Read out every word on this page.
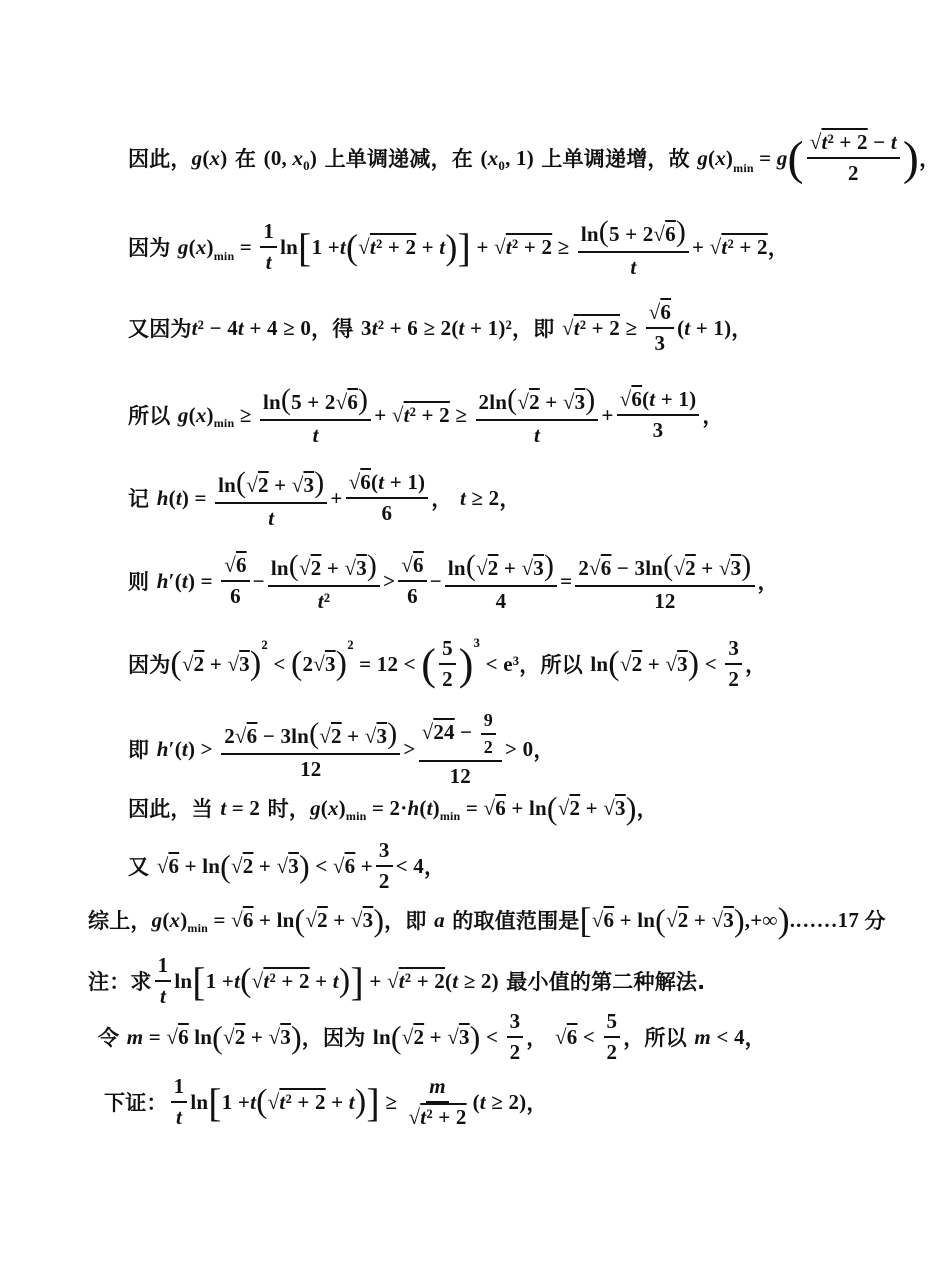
因此， g ( x ) 在 (0, x 0 ) 上单调递减，在 ( x 0 , 1) 上单调递增，故 g ( x ) min = g ( $\frac{\text{√t² + 2 − t}}{2}$ ) ，
因为 g ( x ) $\min = \frac{1}{t}$ ln [ 1 + t ( √t² + 2 + t ) ] + $√t^2 + 2 \ge \frac{\ln(5 + 2√6)}{t} + √t^2 + 2$ ，
又因为 t ² − 4 t + 4 ≥ 0 ，得 3 t ² + 6 ≥ 2( t + 1)² ，即 $√t^2 + 2 \ge \frac{√6}{3}$ ( t + 1) ，
所以 g ( x ) $\min \ge \frac{\ln(5 + 2√6)}{t} + √t^2 + 2 \ge \frac{2\ln(√2 + √3)}{t} + \frac{√6(t + 1)}{3}$ ，
记 h ( t ) = $\frac{\ln(√2 + √3)}{t} + \frac{√6(t + 1)}{6}$ ， t ≥ 2 ，
则 h ′( t ) = $\frac{√6}{6} - \frac{\ln(√2 + √3)}{\text{t²}} > \frac{√6}{6} - \frac{\ln(√2 + √3)}{4} = \frac{2√6 - 3\ln(√2 + √3)}{12}$ ，
因为 ( √2 + √3 ) ²
< ( 2√3 ) ²
= 12 < ( $\frac{5}{2}$ ) ³
< e³ ，所以 ln ( √2 + √3 ) < $\frac{3}{2}$ ，
即 h ′( t ) > $\frac{2√6 - 3\ln(√2 + √3)}{12} > \frac{√24 - \frac{9}{2}}{12} > 0$ ，
因此，当 t = 2 时， g ( x ) min = 2· h ( t ) min = √6 + ln ( √2 + √3 ) ，
又 √6 + ln ( √2 + √3 ) < $√6 + \frac{3}{2} < 4$ ，
综上， g ( x ) min = √6 + ln ( √2 + √3 ) ，即 a 的取值范围是 [ √6 + ln ( √2 + √3 ) ,+∞ ) .……17 分
注：求 $\frac{1}{t}$ ln [ 1 + t ( √t² + 2 + t ) ] + √t² + 2(t ≥ 2) 最小值的第二种解法.
令 m = √6 ln ( √2 + √3 ) ，因为 ln ( √2 + √3 ) < $\frac{3}{2}$ ， $√6 < \frac{5}{2}$ ，所以 m < 4 ，
下证： $\frac{1}{t}$ ln [ 1 + t ( √t² + 2 + t ) ] ≥ $\frac{m}{\text{√t² + 2}}$ ( t ≥ 2) ，
